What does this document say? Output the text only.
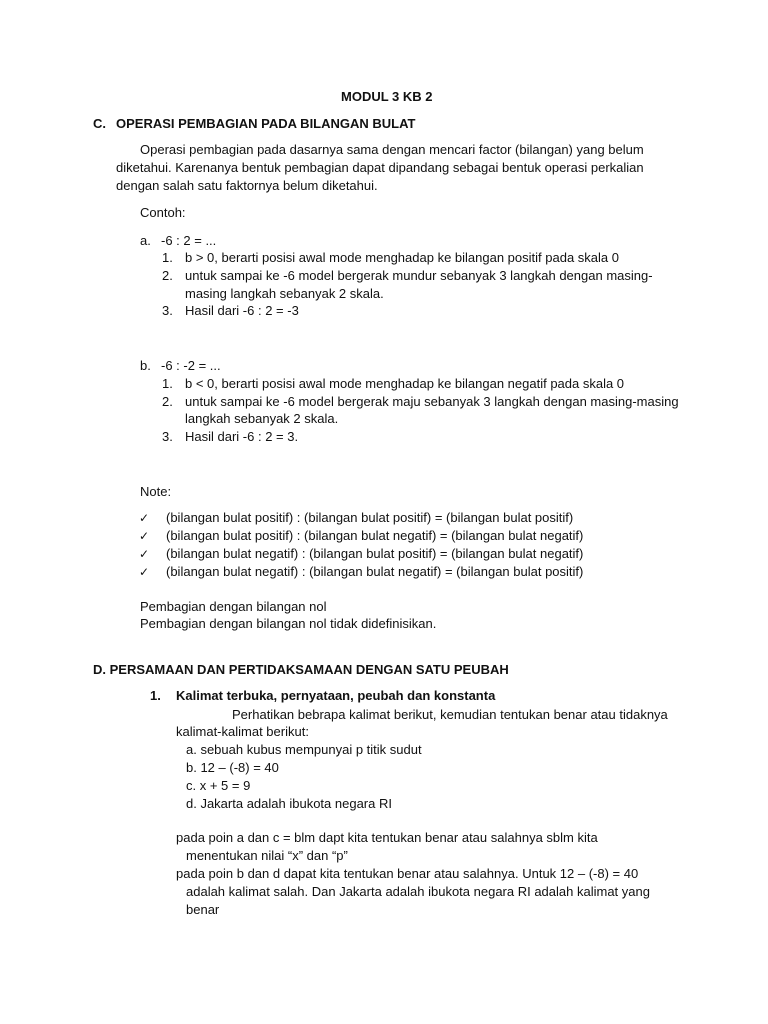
MODUL 3 KB 2
C. OPERASI PEMBAGIAN PADA BILANGAN BULAT
Operasi pembagian pada dasarnya sama dengan mencari factor (bilangan) yang belum
diketahui. Karenanya bentuk pembagian dapat dipandang sebagai bentuk operasi perkalian
dengan salah satu faktornya belum diketahui.
Contoh:
a. -6 : 2 = ...
1. b > 0, berarti posisi awal mode menghadap ke bilangan positif pada skala 0
2. untuk sampai ke -6 model bergerak mundur sebanyak 3 langkah dengan masing-
masing langkah sebanyak 2 skala.
3. Hasil dari -6 : 2 = -3
b. -6 : -2 = ...
1. b < 0, berarti posisi awal mode menghadap ke bilangan negatif pada skala 0
2. untuk sampai ke -6 model bergerak maju sebanyak 3 langkah dengan masing-masing
langkah sebanyak 2 skala.
3. Hasil dari -6 : 2 = 3.
Note:
✓ (bilangan bulat positif) : (bilangan bulat positif) = (bilangan bulat positif)
✓ (bilangan bulat positif) : (bilangan bulat negatif) = (bilangan bulat negatif)
✓ (bilangan bulat negatif) : (bilangan bulat positif) = (bilangan bulat negatif)
✓ (bilangan bulat negatif) : (bilangan bulat negatif) = (bilangan bulat positif)
Pembagian dengan bilangan nol
Pembagian dengan bilangan nol tidak didefinisikan.
D. PERSAMAAN DAN PERTIDAKSAMAAN DENGAN SATU PEUBAH
1. Kalimat terbuka, pernyataan, peubah dan konstanta
Perhatikan bebrapa kalimat berikut, kemudian tentukan benar atau tidaknya
kalimat-kalimat berikut:
a. sebuah kubus mempunyai p titik sudut
b. 12 – (-8) = 40
c. x + 5 = 9
d. Jakarta adalah ibukota negara RI
pada poin a dan c = blm dapt kita tentukan benar atau salahnya sblm kita
menentukan nilai “x” dan “p”
pada poin b dan d dapat kita tentukan benar atau salahnya. Untuk 12 – (-8) = 40
adalah kalimat salah. Dan Jakarta adalah ibukota negara RI adalah kalimat yang
benar
